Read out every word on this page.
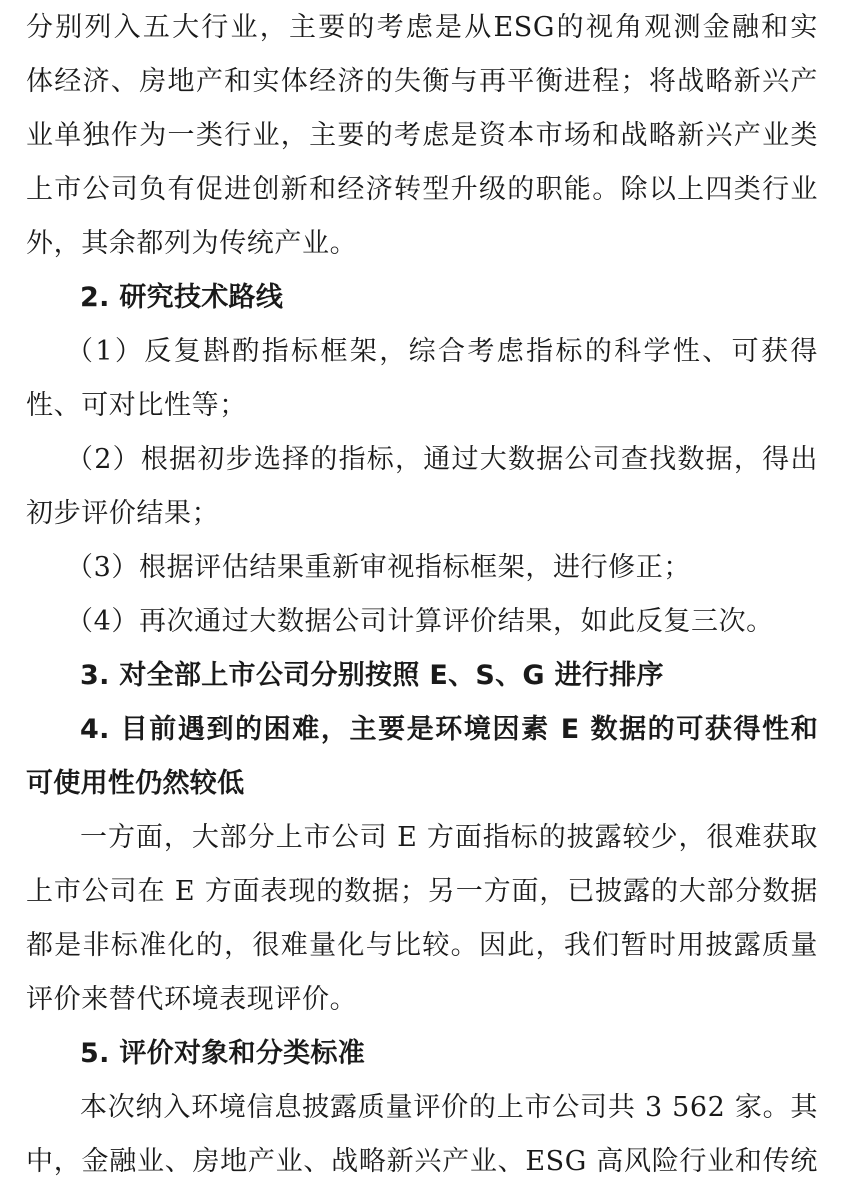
分别列入五大行业，主要的考虑是从ESG的视角观测金融和实
体经济、房地产和实体经济的失衡与再平衡进程；将战略新兴产
业单独作为一类行业，主要的考虑是资本市场和战略新兴产业类
上市公司负有促进创新和经济转型升级的职能。除以上四类行业
外，其余都列为传统产业。
2. 研究技术路线
（1）反复斟酌指标框架，综合考虑指标的科学性、可获得
性、可对比性等；
（2）根据初步选择的指标，通过大数据公司查找数据，得出
初步评价结果；
（3）根据评估结果重新审视指标框架，进行修正；
（4）再次通过大数据公司计算评价结果，如此反复三次。
3. 对全部上市公司分别按照 E、S、G 进行排序
4. 目前遇到的困难，主要是环境因素 E 数据的可获得性和
可使用性仍然较低
一方面，大部分上市公司 E 方面指标的披露较少，很难获取
上市公司在 E 方面表现的数据；另一方面，已披露的大部分数据
都是非标准化的，很难量化与比较。因此，我们暂时用披露质量
评价来替代环境表现评价。
5. 评价对象和分类标准
本次纳入环境信息披露质量评价的上市公司共 3 562 家。其
中，金融业、房地产业、战略新兴产业、ESG 高风险行业和传统
